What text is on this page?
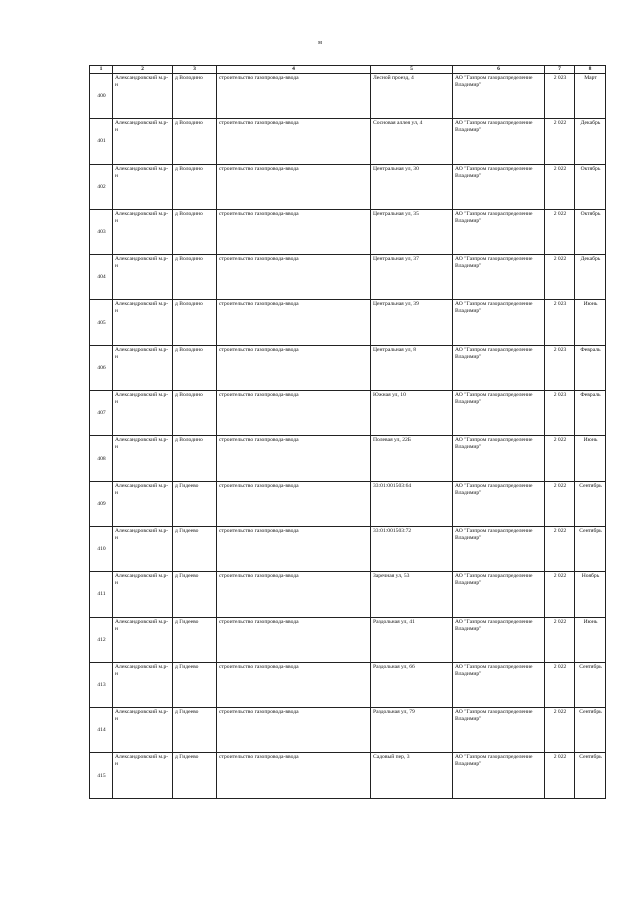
м
1	2	3	4	5	6	7	8
400	Александровский м.р-н	д Володино	строительство газопровода-ввода	Лесной проезд, 4	АО "Газпром газораспределение Владимир"	2 023	Март
401	Александровский м.р-н	д Володино	строительство газопровода-ввода	Сосновая аллея ул, 4	АО "Газпром газораспределение Владимир"	2 022	Декабрь
402	Александровский м.р-н	д Володино	строительство газопровода-ввода	Центральная ул, 30	АО "Газпром газораспределение Владимир"	2 022	Октябрь
403	Александровский м.р-н	д Володино	строительство газопровода-ввода	Центральная ул, 35	АО "Газпром газораспределение Владимир"	2 022	Октябрь
404	Александровский м.р-н	д Володино	строительство газопровода-ввода	Центральная ул, 37	АО "Газпром газораспределение Владимир"	2 022	Декабрь
405	Александровский м.р-н	д Володино	строительство газопровода-ввода	Центральная ул, 39	АО "Газпром газораспределение Владимир"	2 023	Июнь
406	Александровский м.р-н	д Володино	строительство газопровода-ввода	Центральная ул, 8	АО "Газпром газораспределение Владимир"	2 023	Февраль
407	Александровский м.р-н	д Володино	строительство газопровода-ввода	Южная ул, 10	АО "Газпром газораспределение Владимир"	2 023	Февраль
408	Александровский м.р-н	д Володино	строительство газопровода-ввода	Полевая ул, 22Б	АО "Газпром газораспределение Владимир"	2 022	Июнь
409	Александровский м.р-н	д Гидеево	строительство газопровода-ввода	33:01:001503:64	АО "Газпром газораспределение Владимир"	2 022	Сентябрь
410	Александровский м.р-н	д Гидеево	строительство газопровода-ввода	33:01:001503:72	АО "Газпром газораспределение Владимир"	2 022	Сентябрь
411	Александровский м.р-н	д Гидеево	строительство газопровода-ввода	Заречная ул, 53	АО "Газпром газораспределение Владимир"	2 022	Ноябрь
412	Александровский м.р-н	д Гидеево	строительство газопровода-ввода	Раздольная ул, 41	АО "Газпром газораспределение Владимир"	2 022	Июнь
413	Александровский м.р-н	д Гидеево	строительство газопровода-ввода	Раздольная ул, 66	АО "Газпром газораспределение Владимир"	2 022	Сентябрь
414	Александровский м.р-н	д Гидеево	строительство газопровода-ввода	Раздольная ул, 79	АО "Газпром газораспределение Владимир"	2 022	Сентябрь
415	Александровский м.р-н	д Гидеево	строительство газопровода-ввода	Садовый пер, 3	АО "Газпром газораспределение Владимир"	2 022	Сентябрь
